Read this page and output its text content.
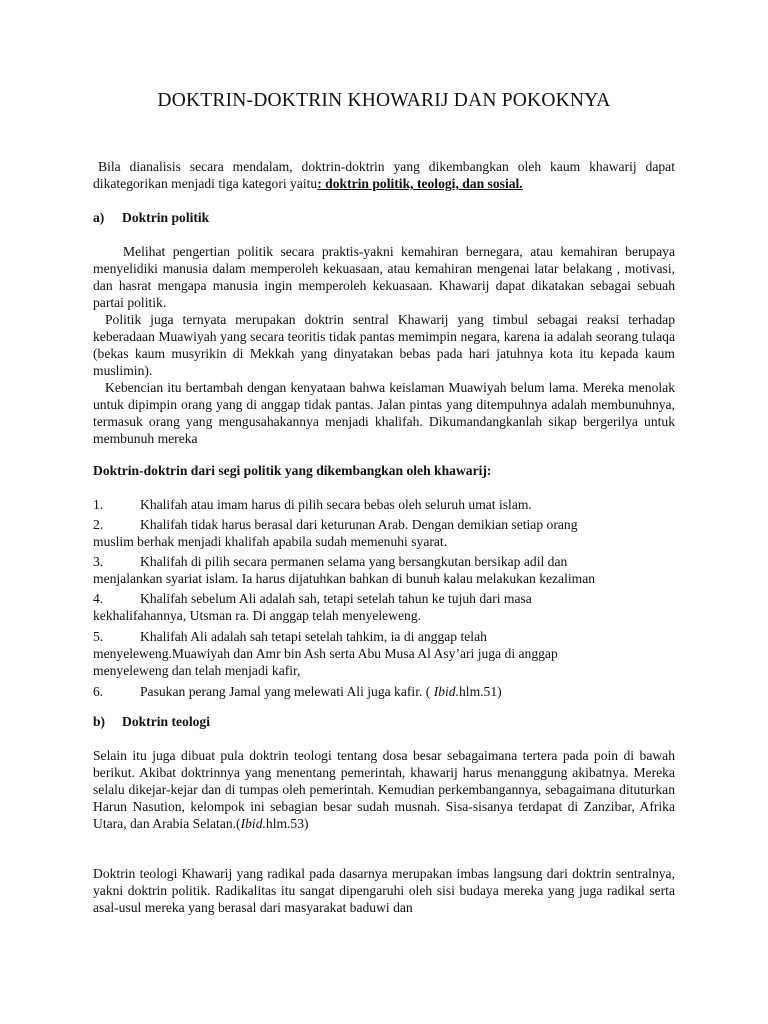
DOKTRIN-DOKTRIN KHOWARIJ DAN POKOKNYA
Bila dianalisis secara mendalam, doktrin-doktrin yang dikembangkan oleh kaum khawarij dapat dikategorikan menjadi tiga kategori yaitu: doktrin politik, teologi, dan sosial.
a) Doktrin politik
Melihat pengertian politik secara praktis-yakni kemahiran bernegara, atau kemahiran berupaya menyelidiki manusia dalam memperoleh kekuasaan, atau kemahiran mengenai latar belakang , motivasi, dan hasrat mengapa manusia ingin memperoleh kekuasaan. Khawarij dapat dikatakan sebagai sebuah partai politik.
Politik juga ternyata merupakan doktrin sentral Khawarij yang timbul sebagai reaksi terhadap keberadaan Muawiyah yang secara teoritis tidak pantas memimpin negara, karena ia adalah seorang tulaqa (bekas kaum musyrikin di Mekkah yang dinyatakan bebas pada hari jatuhnya kota itu kepada kaum muslimin).
Kebencian itu bertambah dengan kenyataan bahwa keislaman Muawiyah belum lama. Mereka menolak untuk dipimpin orang yang di anggap tidak pantas. Jalan pintas yang ditempuhnya adalah membunuhnya, termasuk orang yang mengusahakannya menjadi khalifah. Dikumandangkanlah sikap bergerilya untuk membunuh mereka
Doktrin-doktrin dari segi politik yang dikembangkan oleh khawarij:
1.	Khalifah atau imam harus di pilih secara bebas oleh seluruh umat islam.
2.	Khalifah tidak harus berasal dari keturunan Arab. Dengan demikian setiap orang
muslim berhak menjadi khalifah apabila sudah memenuhi syarat.
3.	Khalifah di pilih secara permanen selama yang bersangkutan bersikap adil dan
menjalankan syariat islam. Ia harus dijatuhkan bahkan di bunuh kalau melakukan kezaliman
4.	Khalifah sebelum Ali adalah sah, tetapi setelah tahun ke tujuh dari masa
kekhalifahannya, Utsman ra. Di anggap telah menyeleweng.
5.	Khalifah Ali adalah sah tetapi setelah tahkim, ia di anggap telah
menyeleweng.Muawiyah dan Amr bin Ash serta Abu Musa Al Asy’ari juga di anggap
menyeleweng dan telah menjadi kafir,
6.	Pasukan perang Jamal yang melewati Ali juga kafir. ( Ibid.hlm.51)
b) Doktrin teologi
Selain itu juga dibuat pula doktrin teologi tentang dosa besar sebagaimana tertera pada poin di bawah berikut. Akibat doktrinnya yang menentang pemerintah, khawarij harus menanggung akibatnya. Mereka selalu dikejar-kejar dan di tumpas oleh pemerintah. Kemudian perkembangannya, sebagaimana dituturkan Harun Nasution, kelompok ini sebagian besar sudah musnah. Sisa-sisanya terdapat di Zanzibar, Afrika Utara, dan Arabia Selatan.(Ibid.hlm.53)
Doktrin teologi Khawarij yang radikal pada dasarnya merupakan imbas langsung dari doktrin sentralnya, yakni doktrin politik. Radikalitas itu sangat dipengaruhi oleh sisi budaya mereka yang juga radikal serta asal-usul mereka yang berasal dari masyarakat baduwi dan
